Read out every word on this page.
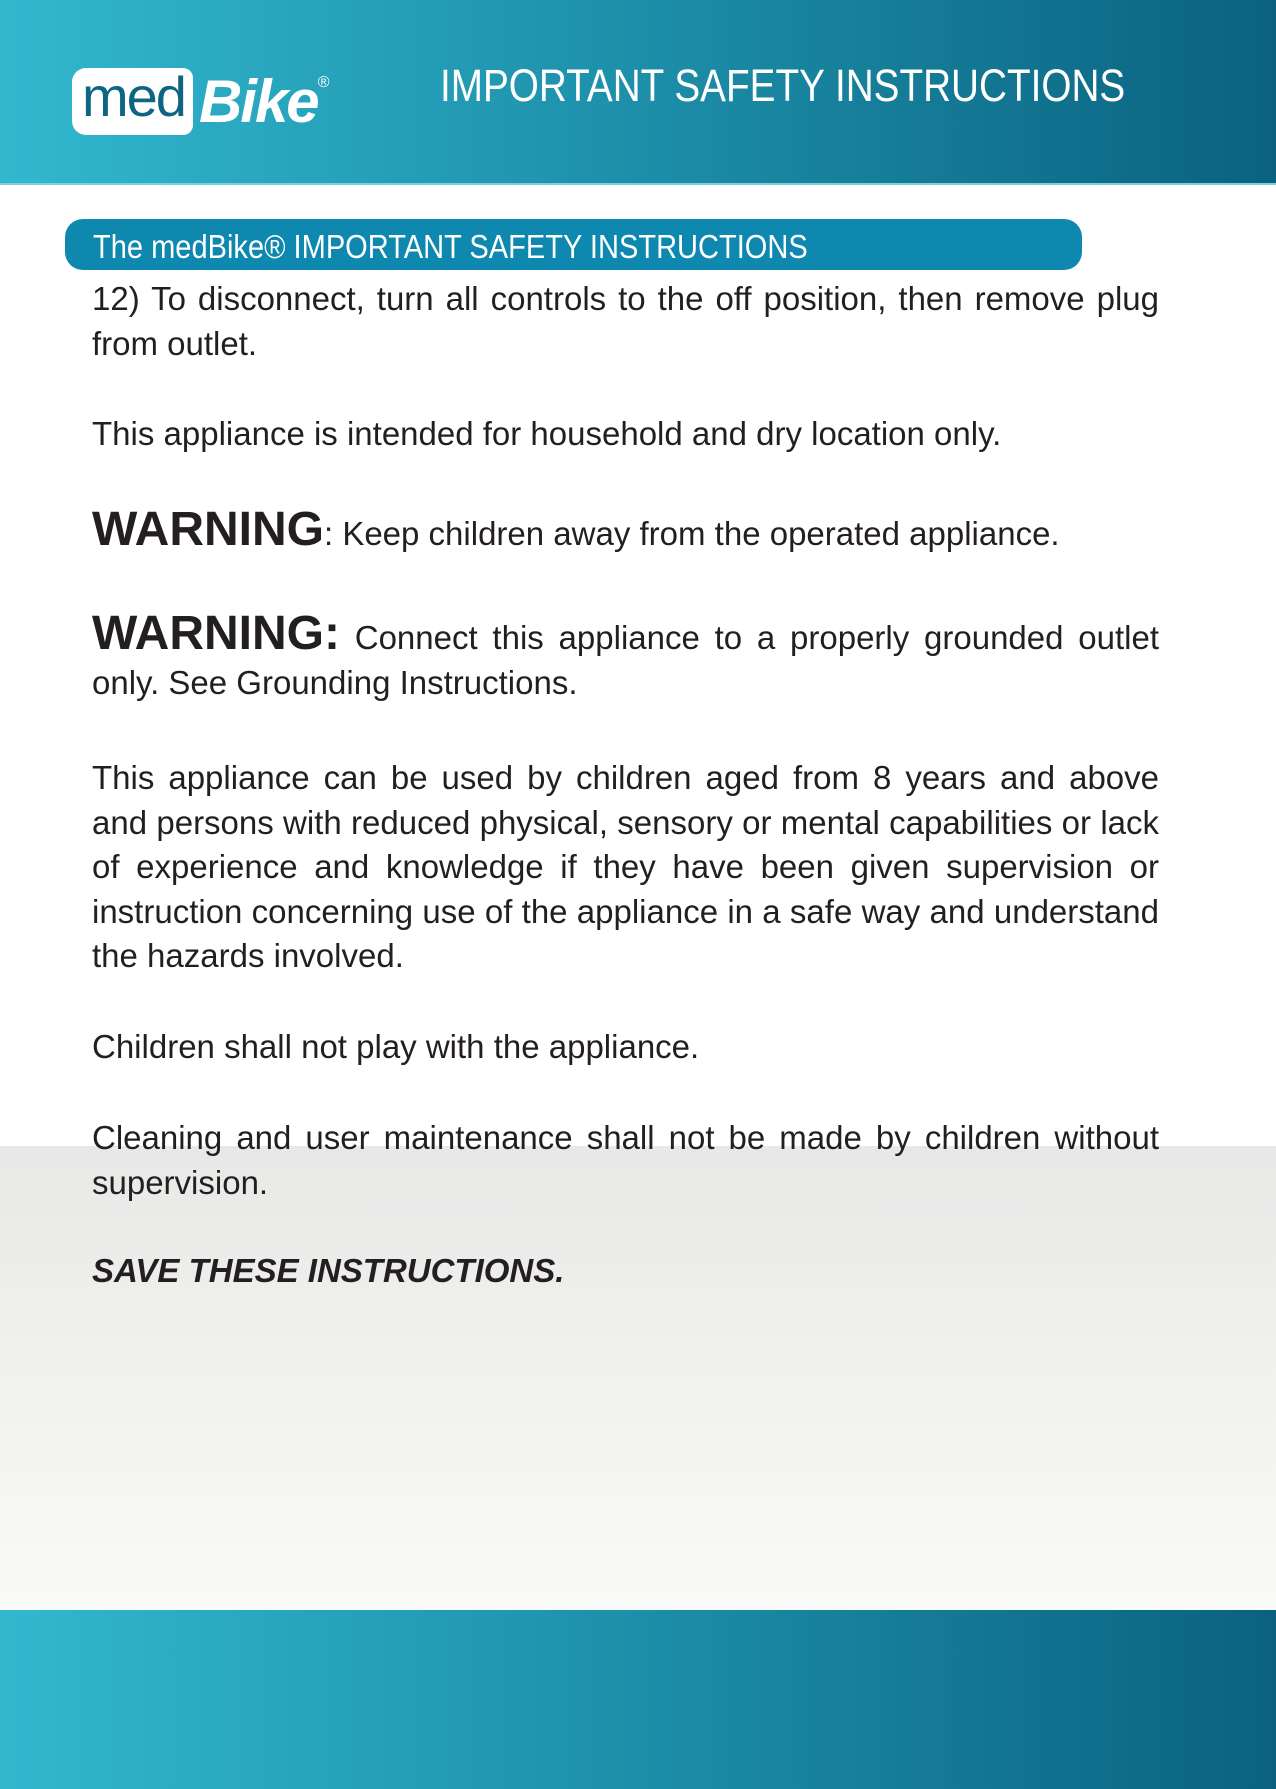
med Bike ® IMPORTANT SAFETY INSTRUCTIONS
The medBike® IMPORTANT SAFETY INSTRUCTIONS
12) To disconnect, turn all controls to the off position, then remove plug from outlet.
This appliance is intended for household and dry location only.
WARNING: Keep children away from the operated appliance.
WARNING: Connect this appliance to a properly grounded outlet only. See Grounding Instructions.
This appliance can be used by children aged from 8 years and above and persons with reduced physical, sensory or mental capabilities or lack of experience and knowledge if they have been given supervision or instruction concerning use of the appliance in a safe way and understand the hazards involved.
Children shall not play with the appliance.
Cleaning and user maintenance shall not be made by children without supervision.
SAVE THESE INSTRUCTIONS.
